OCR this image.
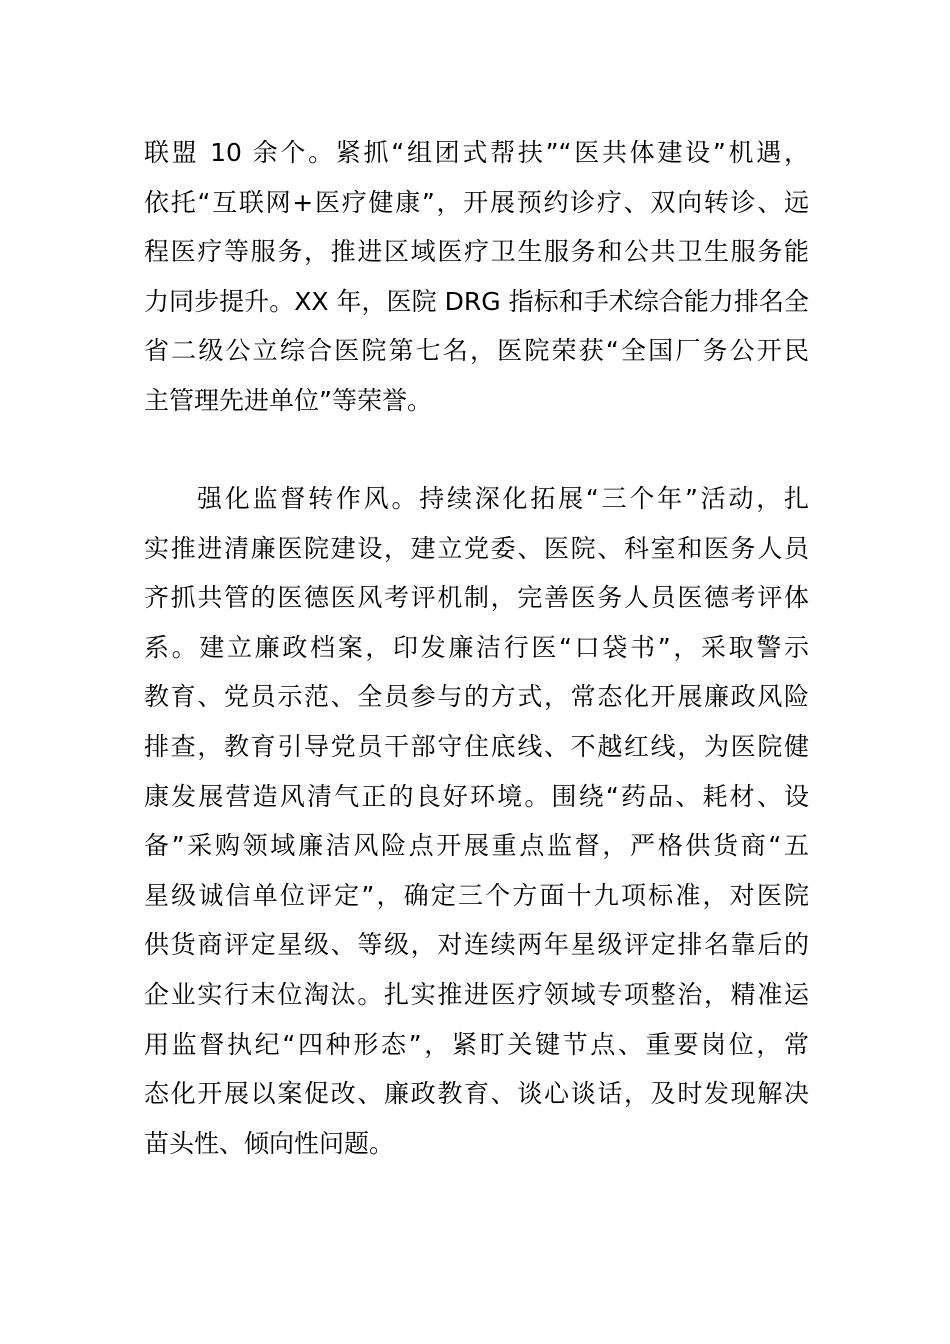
联盟 10 余个。紧抓“组团式帮扶”“医共体建设”机遇，
依托“互联网+医疗健康”，开展预约诊疗、双向转诊、远
程医疗等服务，推进区域医疗卫生服务和公共卫生服务能
力同步提升。XX 年，医院 DRG 指标和手术综合能力排名全
省二级公立综合医院第七名，医院荣获“全国厂务公开民
主管理先进单位”等荣誉。
强化监督转作风。持续深化拓展“三个年”活动，扎
实推进清廉医院建设，建立党委、医院、科室和医务人员
齐抓共管的医德医风考评机制，完善医务人员医德考评体
系。建立廉政档案，印发廉洁行医“口袋书”，采取警示
教育、党员示范、全员参与的方式，常态化开展廉政风险
排查，教育引导党员干部守住底线、不越红线，为医院健
康发展营造风清气正的良好环境。围绕“药品、耗材、设
备”采购领域廉洁风险点开展重点监督，严格供货商“五
星级诚信单位评定”，确定三个方面十九项标准，对医院
供货商评定星级、等级，对连续两年星级评定排名靠后的
企业实行末位淘汰。扎实推进医疗领域专项整治，精准运
用监督执纪“四种形态”，紧盯关键节点、重要岗位，常
态化开展以案促改、廉政教育、谈心谈话，及时发现解决
苗头性、倾向性问题。
